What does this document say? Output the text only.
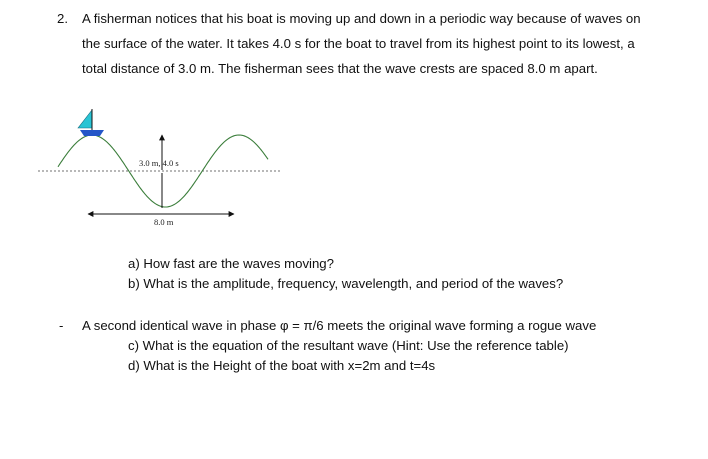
2. A fisherman notices that his boat is moving up and down in a periodic way because of waves on
the surface of the water. It takes 4.0 s for the boat to travel from its highest point to its lowest, a
total distance of 3.0 m. The fisherman sees that the wave crests are spaced 8.0 m apart.
3.0 m, 4.0 s
8.0 m
a) How fast are the waves moving?
b) What is the amplitude, frequency, wavelength, and period of the waves?
- A second identical wave in phase φ = π/6 meets the original wave forming a rogue wave
c) What is the equation of the resultant wave (Hint: Use the reference table)
d) What is the Height of the boat with x=2m and t=4s
